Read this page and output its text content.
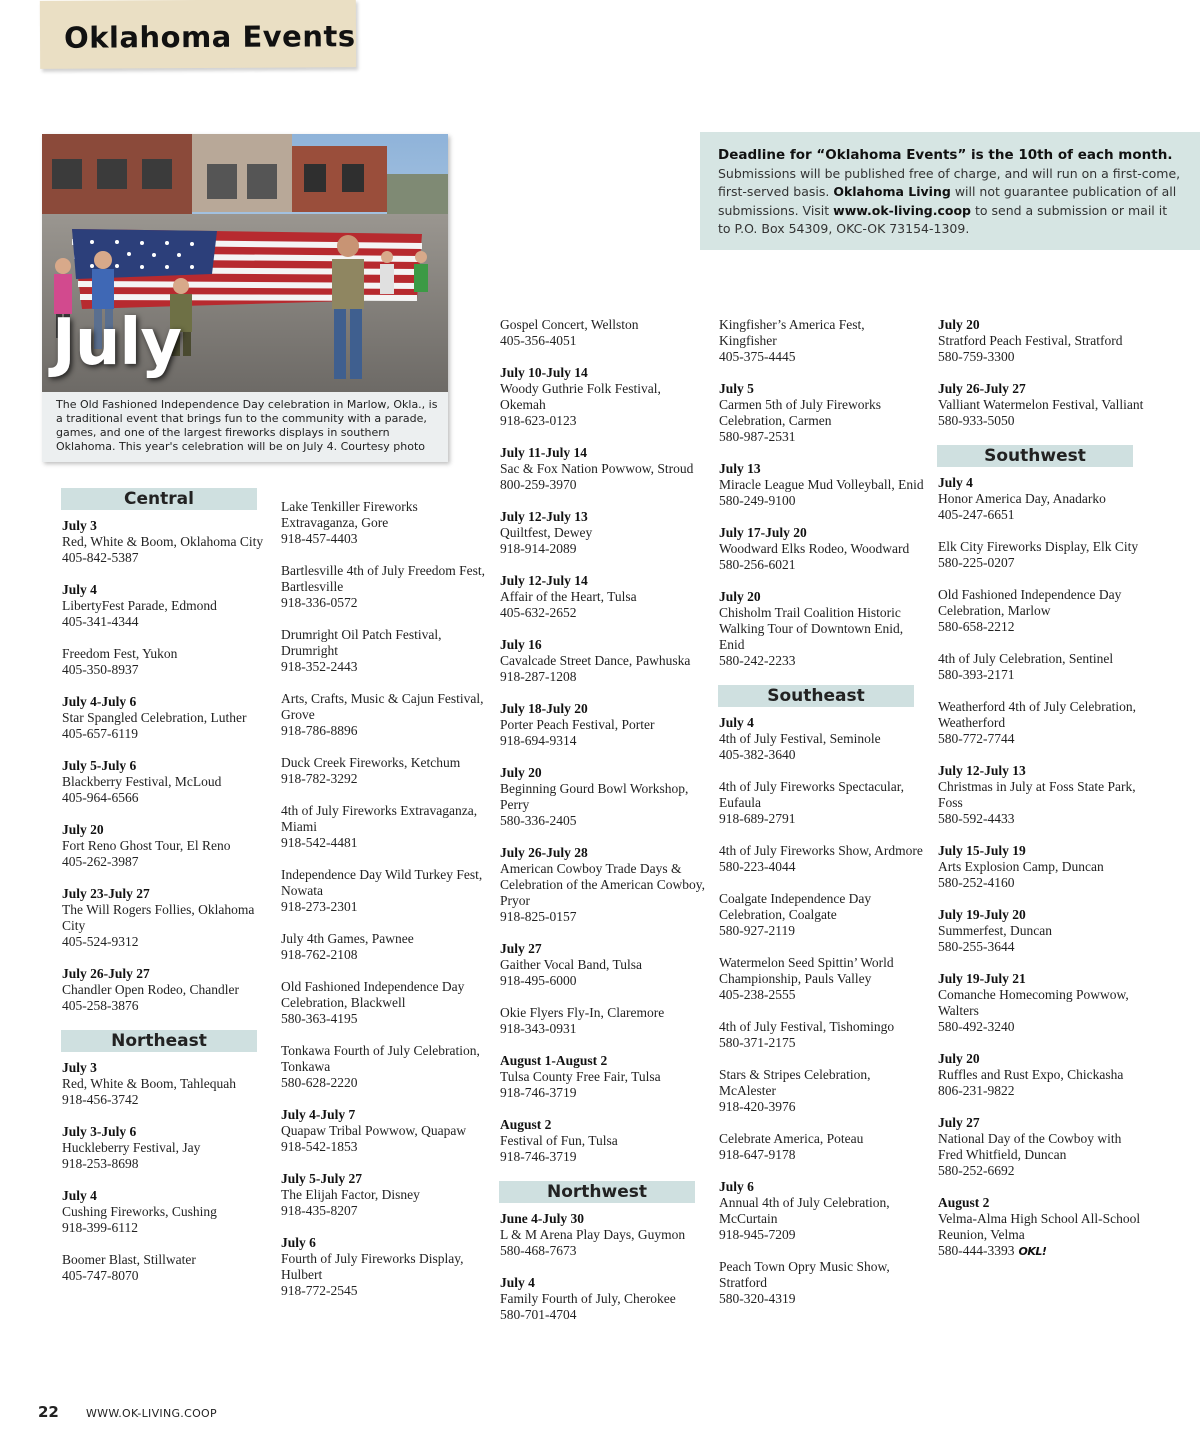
Oklahoma Events
July
The Old Fashioned Independence Day celebration in Marlow, Okla., is a traditional event that brings fun to the community with a parade, games, and one of the largest fireworks displays in southern Oklahoma. This year's celebration will be on July 4. Courtesy photo
Deadline for “Oklahoma Events” is the 10th of each month.
Submissions will be published free of charge, and will run on a first-come, first-served basis. Oklahoma Living will not guarantee publication of all submissions. Visit www.ok-living.coop to send a submission or mail it to P.O. Box 54309, OKC-OK 73154-1309.
Central
July 3
Red, White & Boom, Oklahoma City
405-842-5387
July 4
LibertyFest Parade, Edmond
405-341-4344
Freedom Fest, Yukon
405-350-8937
July 4-July 6
Star Spangled Celebration, Luther
405-657-6119
July 5-July 6
Blackberry Festival, McLoud
405-964-6566
July 20
Fort Reno Ghost Tour, El Reno
405-262-3987
July 23-July 27
The Will Rogers Follies, Oklahoma City
405-524-9312
July 26-July 27
Chandler Open Rodeo, Chandler
405-258-3876
Northeast
July 3
Red, White & Boom, Tahlequah
918-456-3742
July 3-July 6
Huckleberry Festival, Jay
918-253-8698
July 4
Cushing Fireworks, Cushing
918-399-6112
Boomer Blast, Stillwater
405-747-8070
Lake Tenkiller Fireworks Extravaganza, Gore
918-457-4403
Bartlesville 4th of July Freedom Fest, Bartlesville
918-336-0572
Drumright Oil Patch Festival, Drumright
918-352-2443
Arts, Crafts, Music & Cajun Festival, Grove
918-786-8896
Duck Creek Fireworks, Ketchum
918-782-3292
4th of July Fireworks Extravaganza, Miami
918-542-4481
Independence Day Wild Turkey Fest, Nowata
918-273-2301
July 4th Games, Pawnee
918-762-2108
Old Fashioned Independence Day Celebration, Blackwell
580-363-4195
Tonkawa Fourth of July Celebration, Tonkawa
580-628-2220
July 4-July 7
Quapaw Tribal Powwow, Quapaw
918-542-1853
July 5-July 27
The Elijah Factor, Disney
918-435-8207
July 6
Fourth of July Fireworks Display, Hulbert
918-772-2545
Gospel Concert, Wellston
405-356-4051
July 10-July 14
Woody Guthrie Folk Festival, Okemah
918-623-0123
July 11-July 14
Sac & Fox Nation Powwow, Stroud
800-259-3970
July 12-July 13
Quiltfest, Dewey
918-914-2089
July 12-July 14
Affair of the Heart, Tulsa
405-632-2652
July 16
Cavalcade Street Dance, Pawhuska
918-287-1208
July 18-July 20
Porter Peach Festival, Porter
918-694-9314
July 20
Beginning Gourd Bowl Workshop, Perry
580-336-2405
July 26-July 28
American Cowboy Trade Days & Celebration of the American Cowboy, Pryor
918-825-0157
July 27
Gaither Vocal Band, Tulsa
918-495-6000
Okie Flyers Fly-In, Claremore
918-343-0931
August 1-August 2
Tulsa County Free Fair, Tulsa
918-746-3719
August 2
Festival of Fun, Tulsa
918-746-3719
Northwest
June 4-July 30
L & M Arena Play Days, Guymon
580-468-7673
July 4
Family Fourth of July, Cherokee
580-701-4704
Kingfisher’s America Fest, Kingfisher
405-375-4445
July 5
Carmen 5th of July Fireworks Celebration, Carmen
580-987-2531
July 13
Miracle League Mud Volleyball, Enid
580-249-9100
July 17-July 20
Woodward Elks Rodeo, Woodward
580-256-6021
July 20
Chisholm Trail Coalition Historic Walking Tour of Downtown Enid, Enid
580-242-2233
Southeast
July 4
4th of July Festival, Seminole
405-382-3640
4th of July Fireworks Spectacular, Eufaula
918-689-2791
4th of July Fireworks Show, Ardmore
580-223-4044
Coalgate Independence Day Celebration, Coalgate
580-927-2119
Watermelon Seed Spittin’ World Championship, Pauls Valley
405-238-2555
4th of July Festival, Tishomingo
580-371-2175
Stars & Stripes Celebration, McAlester
918-420-3976
Celebrate America, Poteau
918-647-9178
July 6
Annual 4th of July Celebration, McCurtain
918-945-7209
Peach Town Opry Music Show, Stratford
580-320-4319
July 20
Stratford Peach Festival, Stratford
580-759-3300
July 26-July 27
Valliant Watermelon Festival, Valliant
580-933-5050
Southwest
July 4
Honor America Day, Anadarko
405-247-6651
Elk City Fireworks Display, Elk City
580-225-0207
Old Fashioned Independence Day Celebration, Marlow
580-658-2212
4th of July Celebration, Sentinel
580-393-2171
Weatherford 4th of July Celebration, Weatherford
580-772-7744
July 12-July 13
Christmas in July at Foss State Park, Foss
580-592-4433
July 15-July 19
Arts Explosion Camp, Duncan
580-252-4160
July 19-July 20
Summerfest, Duncan
580-255-3644
July 19-July 21
Comanche Homecoming Powwow, Walters
580-492-3240
July 20
Ruffles and Rust Expo, Chickasha
806-231-9822
July 27
National Day of the Cowboy with Fred Whitfield, Duncan
580-252-6692
August 2
Velma-Alma High School All-School Reunion, Velma
580-444-3393 OKL!
22 WWW.OK-LIVING.COOP
